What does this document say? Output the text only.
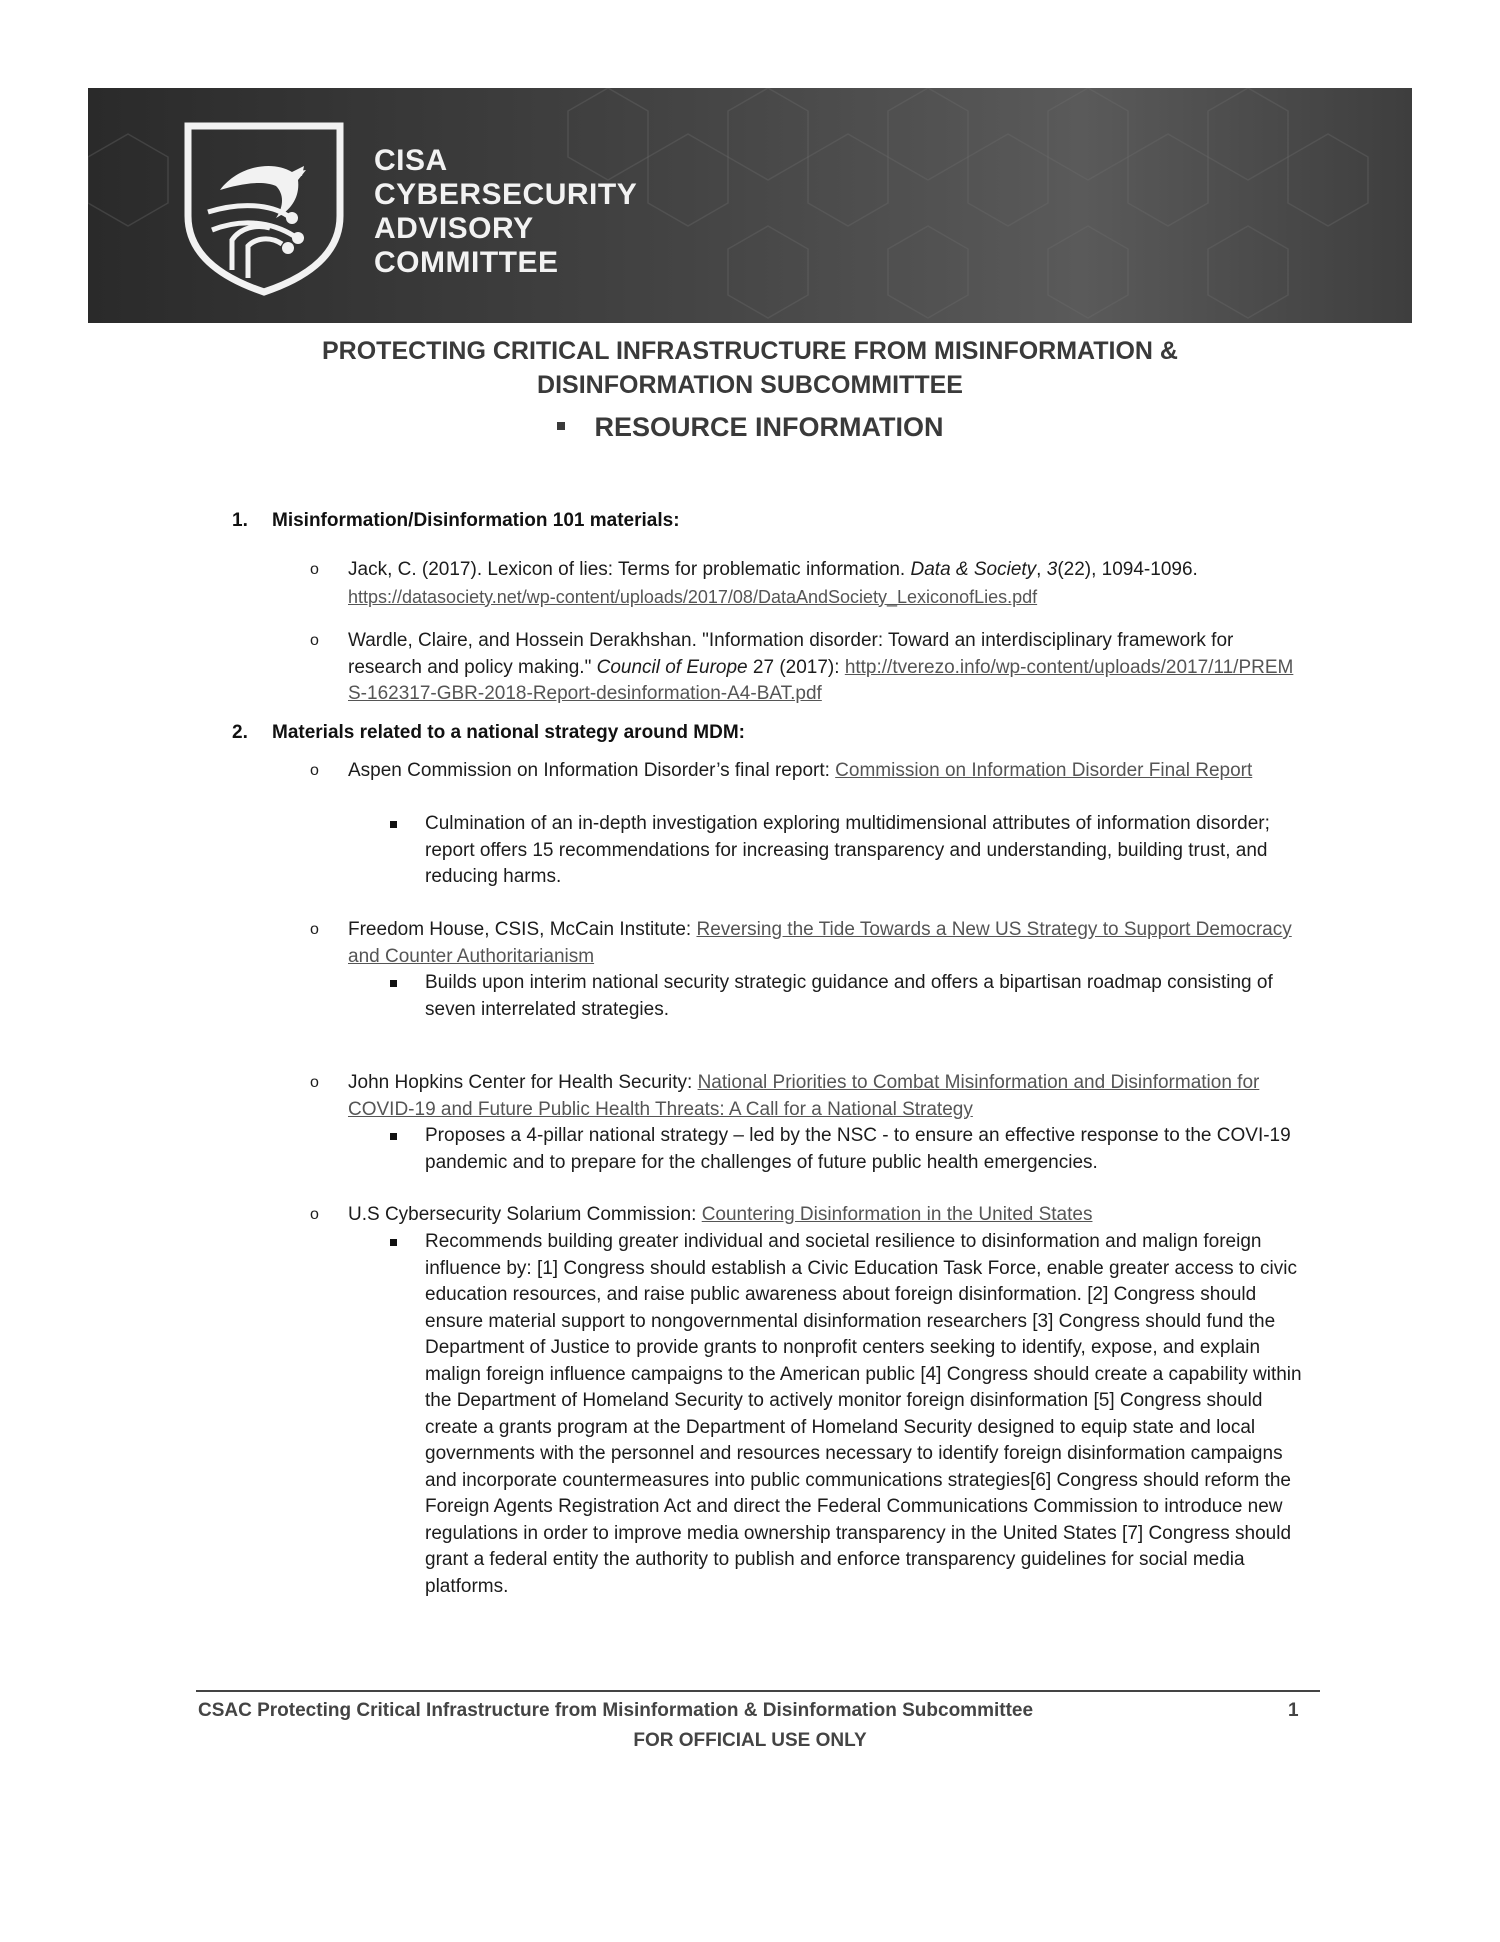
CISA
CYBERSECURITY
ADVISORY
COMMITTEE
PROTECTING CRITICAL INFRASTRUCTURE FROM MISINFORMATION &
DISINFORMATION SUBCOMMITTEE
RESOURCE INFORMATION
1. Misinformation/Disinformation 101 materials:
o Jack, C. (2017). Lexicon of lies: Terms for problematic information. Data & Society, 3(22), 1094-1096. https://datasociety.net/wp-content/uploads/2017/08/DataAndSociety_LexiconofLies.pdf
o Wardle, Claire, and Hossein Derakhshan. "Information disorder: Toward an interdisciplinary framework for research and policy making." Council of Europe 27 (2017): http://tverezo.info/wp-content/uploads/2017/11/PREMS-162317-GBR-2018-Report-desinformation-A4-BAT.pdf
2. Materials related to a national strategy around MDM:
o Aspen Commission on Information Disorder’s final report: Commission on Information Disorder Final Report
Culmination of an in-depth investigation exploring multidimensional attributes of information disorder; report offers 15 recommendations for increasing transparency and understanding, building trust, and reducing harms.
o Freedom House, CSIS, McCain Institute: Reversing the Tide Towards a New US Strategy to Support Democracy and Counter Authoritarianism
Builds upon interim national security strategic guidance and offers a bipartisan roadmap consisting of seven interrelated strategies.
o John Hopkins Center for Health Security: National Priorities to Combat Misinformation and Disinformation for COVID-19 and Future Public Health Threats: A Call for a National Strategy
Proposes a 4-pillar national strategy – led by the NSC - to ensure an effective response to the COVI-19 pandemic and to prepare for the challenges of future public health emergencies.
o U.S Cybersecurity Solarium Commission: Countering Disinformation in the United States
Recommends building greater individual and societal resilience to disinformation and malign foreign influence by: [1] Congress should establish a Civic Education Task Force, enable greater access to civic education resources, and raise public awareness about foreign disinformation. [2] Congress should ensure material support to nongovernmental disinformation researchers [3] Congress should fund the Department of Justice to provide grants to nonprofit centers seeking to identify, expose, and explain malign foreign influence campaigns to the American public [4] Congress should create a capability within the Department of Homeland Security to actively monitor foreign disinformation [5] Congress should create a grants program at the Department of Homeland Security designed to equip state and local governments with the personnel and resources necessary to identify foreign disinformation campaigns and incorporate countermeasures into public communications strategies[6] Congress should reform the Foreign Agents Registration Act and direct the Federal Communications Commission to introduce new regulations in order to improve media ownership transparency in the United States [7] Congress should grant a federal entity the authority to publish and enforce transparency guidelines for social media platforms.
CSAC Protecting Critical Infrastructure from Misinformation & Disinformation Subcommittee	1
FOR OFFICIAL USE ONLY
